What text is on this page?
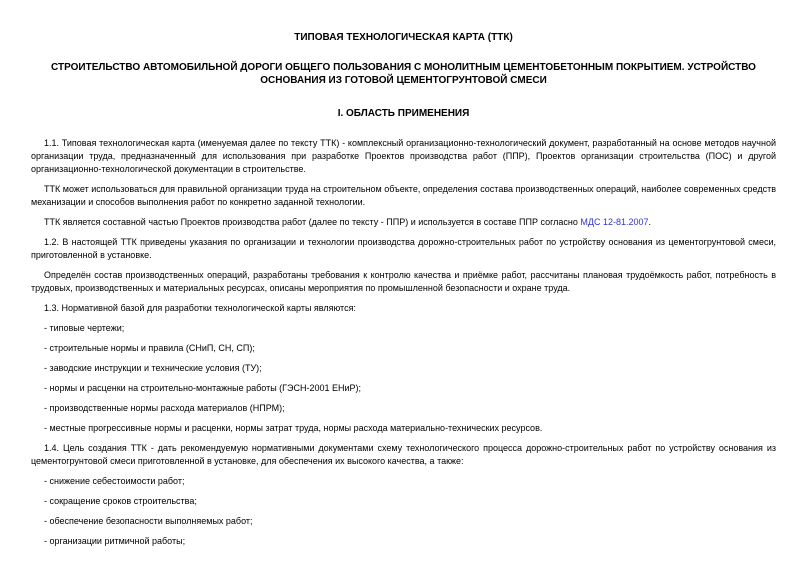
ТИПОВАЯ ТЕХНОЛОГИЧЕСКАЯ КАРТА (ТТК)
СТРОИТЕЛЬСТВО АВТОМОБИЛЬНОЙ ДОРОГИ ОБЩЕГО ПОЛЬЗОВАНИЯ С МОНОЛИТНЫМ ЦЕМЕНТОБЕТОННЫМ ПОКРЫТИЕМ. УСТРОЙСТВО ОСНОВАНИЯ ИЗ ГОТОВОЙ ЦЕМЕНТОГРУНТОВОЙ СМЕСИ
I. ОБЛАСТЬ ПРИМЕНЕНИЯ

1.1. Типовая технологическая карта (именуемая далее по тексту ТТК) - комплексный организационно-технологический документ, разработанный на основе методов научной организации труда, предназначенный для использования при разработке Проектов производства работ (ППР), Проектов организации строительства (ПОС) и другой организационно-технологической документации в строительстве.

ТТК может использоваться для правильной организации труда на строительном объекте, определения состава производственных операций, наиболее современных средств механизации и способов выполнения работ по конкретно заданной технологии.

ТТК является составной частью Проектов производства работ (далее по тексту - ППР) и используется в составе ППР согласно МДС 12-81.2007.

1.2. В настоящей ТТК приведены указания по организации и технологии производства дорожно-строительных работ по устройству основания из цементогрунтовой смеси, приготовленной в установке.

Определён состав производственных операций, разработаны требования к контролю качества и приёмке работ, рассчитаны плановая трудоёмкость работ, потребность в трудовых, производственных и материальных ресурсах, описаны мероприятия по промышленной безопасности и охране труда.

1.3. Нормативной базой для разработки технологической карты являются:

- типовые чертежи;

- строительные нормы и правила (СНиП, СН, СП);

- заводские инструкции и технические условия (ТУ);

- нормы и расценки на строительно-монтажные работы (ГЭСН-2001 ЕНиР);

- производственные нормы расхода материалов (НПРМ);

- местные прогрессивные нормы и расценки, нормы затрат труда, нормы расхода материально-технических ресурсов.

1.4. Цель создания ТТК - дать рекомендуемую нормативными документами схему технологического процесса дорожно-строительных работ по устройству основания из цементогрунтовой смеси приготовленной в установке, для обеспечения их высокого качества, а также:

- снижение себестоимости работ;

- сокращение сроков строительства;

- обеспечение безопасности выполняемых работ;

- организации ритмичной работы;
